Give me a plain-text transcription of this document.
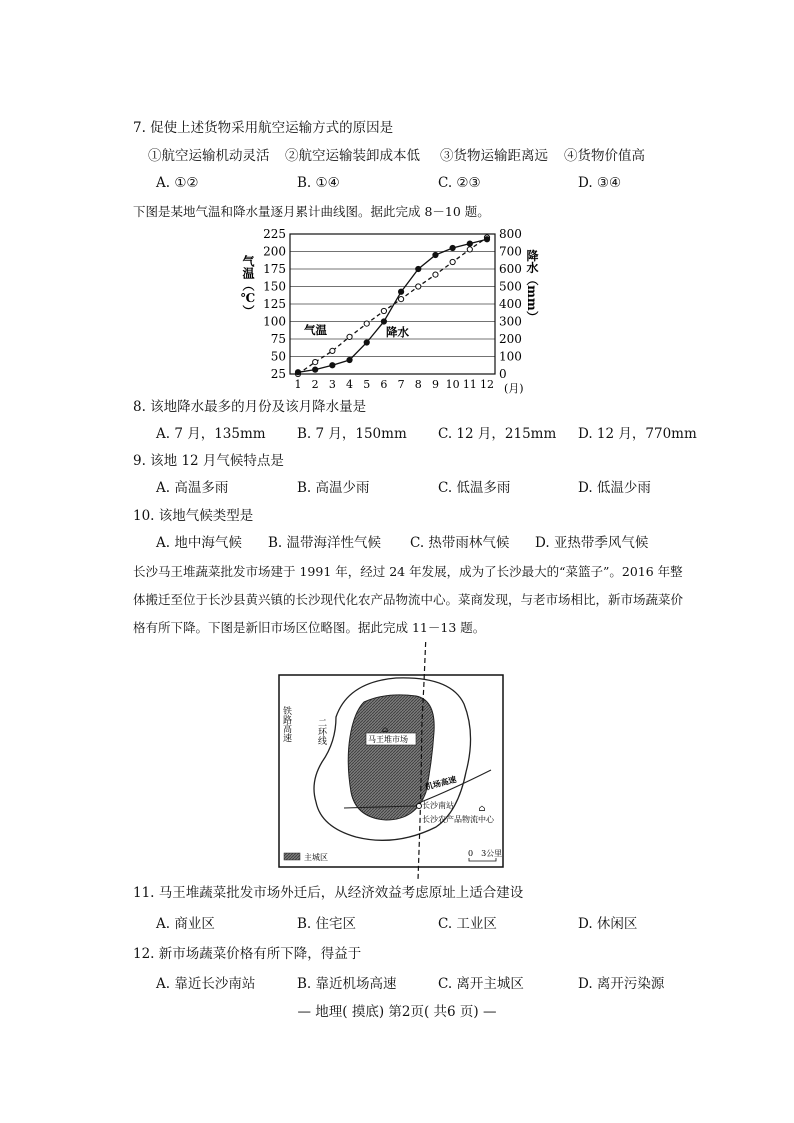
7. 促使上述货物采用航空运输方式的原因是
①航空运输机动灵活 ②航空运输装卸成本低 ③货物运输距离远 ④货物价值高
A. ①②	B. ①④	C. ②③	D. ③④
下图是某地气温和降水量逐月累计曲线图。据此完成 8－10 题。
225
200
175
150
125
100
75
50
25
800
700
600
500
400
300
200
100
0
1 2 3 4 5 6 7 8 9 10 11 12
气温（℃）	降水（mm）
气温	降水
(月)
8. 该地降水最多的月份及该月降水量是
A. 7 月，135mm B. 7 月，150mm C. 12 月，215mm D. 12 月，770mm
9. 该地 12 月气候特点是
A. 高温多雨	B. 高温少雨	C. 低温多雨	D. 低温少雨
10. 该地气候类型是
A. 地中海气候 B. 温带海洋性气候 C. 热带雨林气候 D. 亚热带季风气候
长沙马王堆蔬菜批发市场建于 1991 年，经过 24 年发展，成为了长沙最大的“菜篮子”。2016 年整
体搬迁至位于长沙县黄兴镇的长沙现代化农产品物流中心。菜商发现，与老市场相比，新市场蔬菜价
格有所下降。下图是新旧市场区位略图。据此完成 11－13 题。
铁路高速	二环线	马王堆市场
⌂
机场高速
长沙南站	⌂
长沙农产品物流中心
主城区	0　3公里
11. 马王堆蔬菜批发市场外迁后，从经济效益考虑原址上适合建设
A. 商业区	B. 住宅区	C. 工业区	D. 休闲区
12. 新市场蔬菜价格有所下降，得益于
A. 靠近长沙南站	B. 靠近机场高速	C. 离开主城区	D. 离开污染源
— 地理( 摸底) 第2页( 共6 页) —
